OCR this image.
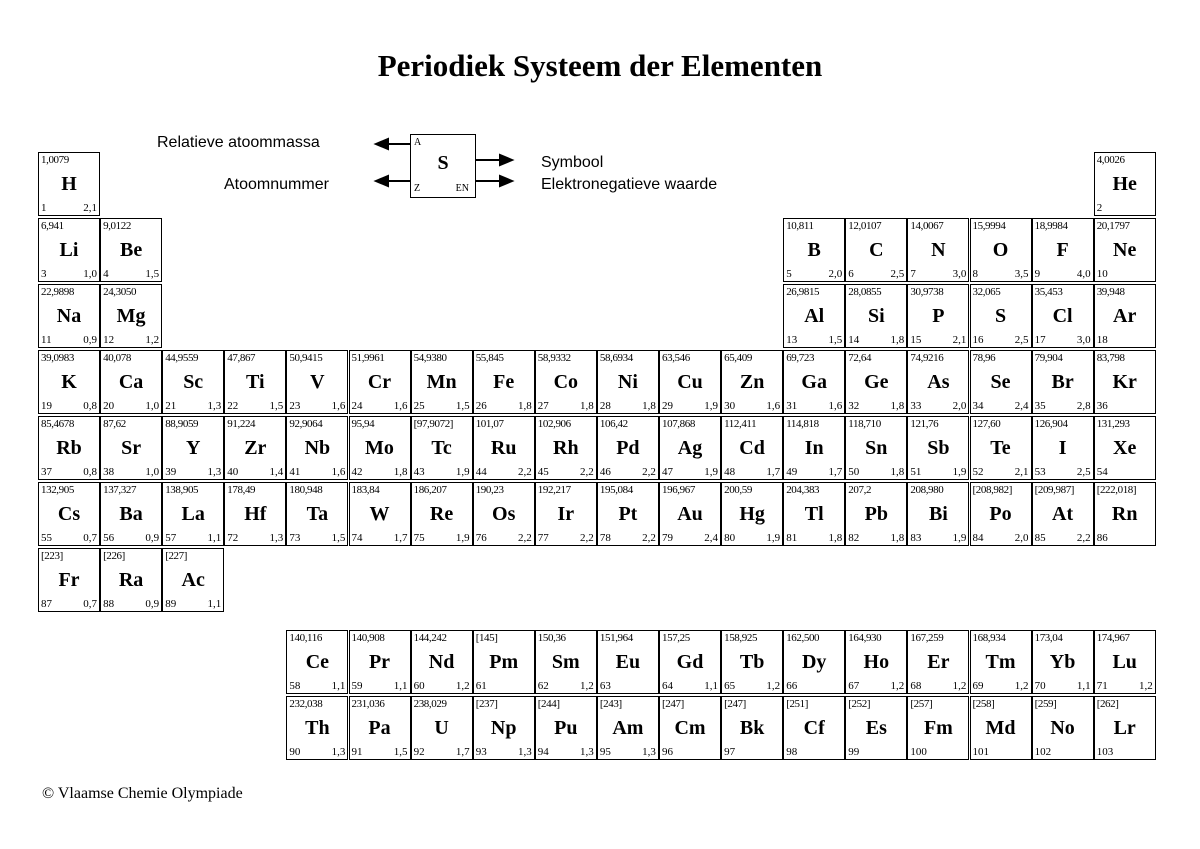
Periodiek Systeem der Elementen
Relatieve atoommassa
Atoomnummer
Symbool
Elektronegatieve waarde
A
S
Z	EN
1,0079
H
1	2,1
4,0026
He
2
6,941
Li
3	1,0
9,0122
Be
4	1,5
10,811
B
5	2,0
12,0107
C
6	2,5
14,0067
N
7	3,0
15,9994
O
8	3,5
18,9984
F
9	4,0
20,1797
Ne
10
22,9898
Na
11	0,9
24,3050
Mg
12	1,2
26,9815
Al
13	1,5
28,0855
Si
14	1,8
30,9738
P
15	2,1
32,065
S
16	2,5
35,453
Cl
17	3,0
39,948
Ar
18
39,0983
K
19	0,8
40,078
Ca
20	1,0
44,9559
Sc
21	1,3
47,867
Ti
22	1,5
50,9415
V
23	1,6
51,9961
Cr
24	1,6
54,9380
Mn
25	1,5
55,845
Fe
26	1,8
58,9332
Co
27	1,8
58,6934
Ni
28	1,8
63,546
Cu
29	1,9
65,409
Zn
30	1,6
69,723
Ga
31	1,6
72,64
Ge
32	1,8
74,9216
As
33	2,0
78,96
Se
34	2,4
79,904
Br
35	2,8
83,798
Kr
36
85,4678
Rb
37	0,8
87,62
Sr
38	1,0
88,9059
Y
39	1,3
91,224
Zr
40	1,4
92,9064
Nb
41	1,6
95,94
Mo
42	1,8
[97,9072]
Tc
43	1,9
101,07
Ru
44	2,2
102,906
Rh
45	2,2
106,42
Pd
46	2,2
107,868
Ag
47	1,9
112,411
Cd
48	1,7
114,818
In
49	1,7
118,710
Sn
50	1,8
121,76
Sb
51	1,9
127,60
Te
52	2,1
126,904
I
53	2,5
131,293
Xe
54
132,905
Cs
55	0,7
137,327
Ba
56	0,9
138,905
La
57	1,1
178,49
Hf
72	1,3
180,948
Ta
73	1,5
183,84
W
74	1,7
186,207
Re
75	1,9
190,23
Os
76	2,2
192,217
Ir
77	2,2
195,084
Pt
78	2,2
196,967
Au
79	2,4
200,59
Hg
80	1,9
204,383
Tl
81	1,8
207,2
Pb
82	1,8
208,980
Bi
83	1,9
[208,982]
Po
84	2,0
[209,987]
At
85	2,2
[222,018]
Rn
86
[223]
Fr
87	0,7
[226]
Ra
88	0,9
[227]
Ac
89	1,1
140,116
Ce
58	1,1
140,908
Pr
59	1,1
144,242
Nd
60	1,2
[145]
Pm
61
150,36
Sm
62	1,2
151,964
Eu
63
157,25
Gd
64	1,1
158,925
Tb
65	1,2
162,500
Dy
66
164,930
Ho
67	1,2
167,259
Er
68	1,2
168,934
Tm
69	1,2
173,04
Yb
70	1,1
174,967
Lu
71	1,2
232,038
Th
90	1,3
231,036
Pa
91	1,5
238,029
U
92	1,7
[237]
Np
93	1,3
[244]
Pu
94	1,3
[243]
Am
95	1,3
[247]
Cm
96
[247]
Bk
97
[251]
Cf
98
[252]
Es
99
[257]
Fm
100
[258]
Md
101
[259]
No
102
[262]
Lr
103
© Vlaamse Chemie Olympiade
